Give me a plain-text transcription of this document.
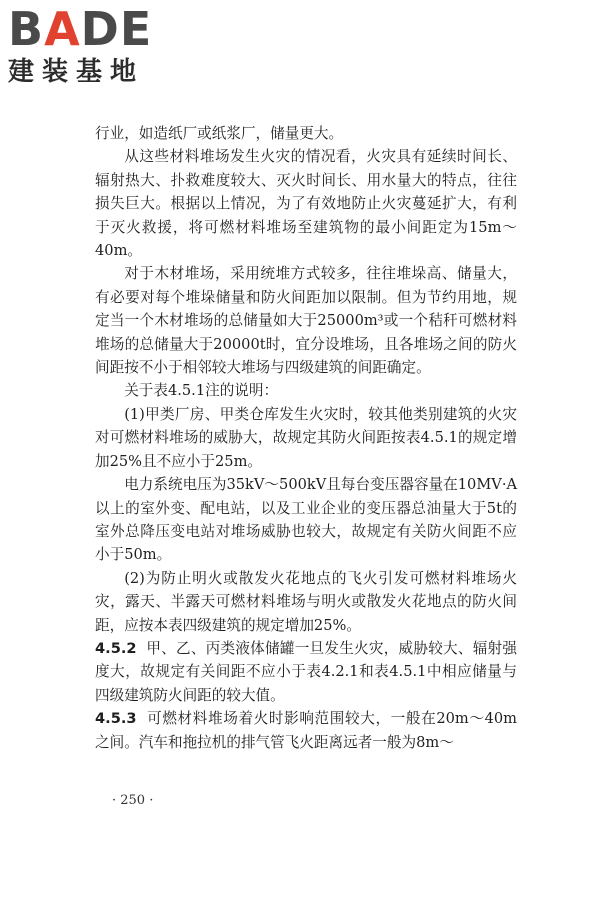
BADE
建装基地

行业，如造纸厂或纸浆厂，储量更大。

从这些材料堆场发生火灾的情况看，火灾具有延续时间长、辐射热大、扑救难度较大、灭火时间长、用水量大的特点，往往损失巨大。根据以上情况，为了有效地防止火灾蔓延扩大，有利于灭火救援，将可燃材料堆场至建筑物的最小间距定为15m～40m。

对于木材堆场，采用统堆方式较多，往往堆垛高、储量大，有必要对每个堆垛储量和防火间距加以限制。但为节约用地，规定当一个木材堆场的总储量如大于25000m³或一个秸秆可燃材料堆场的总储量大于20000t时，宜分设堆场，且各堆场之间的防火间距按不小于相邻较大堆场与四级建筑的间距确定。

关于表4.5.1注的说明：

(1)甲类厂房、甲类仓库发生火灾时，较其他类别建筑的火灾对可燃材料堆场的威胁大，故规定其防火间距按表4.5.1的规定增加25%且不应小于25m。

电力系统电压为35kV～500kV且每台变压器容量在10MV·A以上的室外变、配电站，以及工业企业的变压器总油量大于5t的室外总降压变电站对堆场威胁也较大，故规定有关防火间距不应小于50m。

(2)为防止明火或散发火花地点的飞火引发可燃材料堆场火灾，露天、半露天可燃材料堆场与明火或散发火花地点的防火间距，应按本表四级建筑的规定增加25%。

4.5.2 甲、乙、丙类液体储罐一旦发生火灾，威胁较大、辐射强度大，故规定有关间距不应小于表4.2.1和表4.5.1中相应储量与四级建筑防火间距的较大值。

4.5.3 可燃材料堆场着火时影响范围较大，一般在20m～40m之间。汽车和拖拉机的排气管飞火距离远者一般为8m～

· 250 ·
